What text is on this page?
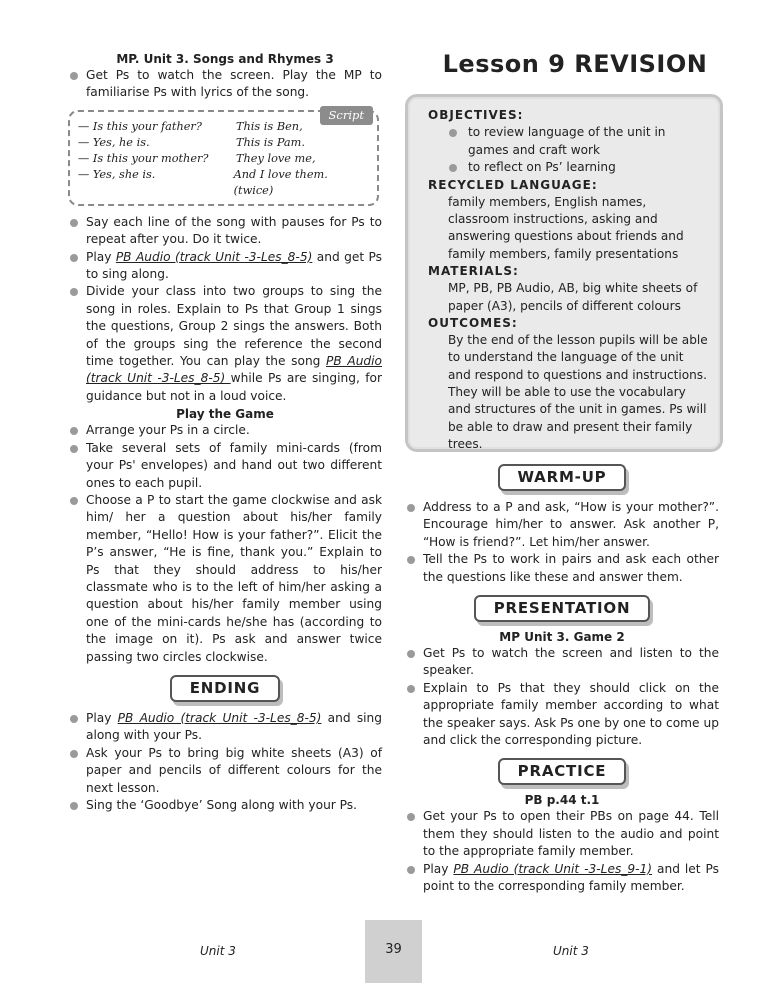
MP. Unit 3. Songs and Rhymes 3
Get Ps to watch the screen. Play the MP to familiarise Ps with lyrics of the song.
Script
— Is this your father?	This is Ben,
— Yes, he is.	This is Pam.
— Is this your mother?	They love me,
— Yes, she is.	And I love them. (twice)
Say each line of the song with pauses for Ps to repeat after you. Do it twice.
Play PB Audio (track Unit -3-Les_8-5) and get Ps to sing along.
Divide your class into two groups to sing the song in roles. Explain to Ps that Group 1 sings the questions, Group 2 sings the answers. Both of the groups sing the reference the second time together. You can play the song PB Audio (track Unit -3-Les_8-5) while Ps are singing, for guidance but not in a loud voice.
Play the Game
Arrange your Ps in a circle.
Take several sets of family mini-cards (from your Ps' envelopes) and hand out two different ones to each pupil.
Choose a P to start the game clockwise and ask him/ her a question about his/her family member, “Hello! How is your father?”. Elicit the P’s answer, “He is fine, thank you.” Explain to Ps that they should address to his/her classmate who is to the left of him/her asking a question about his/her family member using one of the mini-cards he/she has (according to the image on it). Ps ask and answer twice passing two circles clockwise.
ENDING
Play PB Audio (track Unit -3-Les_8-5) and sing along with your Ps.
Ask your Ps to bring big white sheets (A3) of paper and pencils of different colours for the next lesson.
Sing the ‘Goodbye’ Song along with your Ps.
Lesson 9 REVISION
OBJECTIVES:
to review language of the unit in games and craft work
to reflect on Ps’ learning
RECYCLED LANGUAGE:
family members, English names, classroom instructions, asking and answering questions about friends and family members, family presentations
MATERIALS:
MP, PB, PB Audio, AB, big white sheets of paper (A3), pencils of different colours
OUTCOMES:
By the end of the lesson pupils will be able to understand the language of the unit and respond to questions and instructions. They will be able to use the vocabulary and structures of the unit in games. Ps will be able to draw and present their family trees.
WARM-UP
Address to a P and ask, “How is your mother?”. Encourage him/her to answer. Ask another P, “How is friend?”. Let him/her answer.
Tell the Ps to work in pairs and ask each other the questions like these and answer them.
PRESENTATION
MP Unit 3. Game 2
Get Ps to watch the screen and listen to the speaker.
Explain to Ps that they should click on the appropriate family member according to what the speaker says. Ask Ps one by one to come up and click the corresponding picture.
PRACTICE
PB p.44 t.1
Get your Ps to open their PBs on page 44. Tell them they should listen to the audio and point to the appropriate family member.
Play PB Audio (track Unit -3-Les_9-1) and let Ps point to the corresponding family member.
Unit 3	39	Unit 3
